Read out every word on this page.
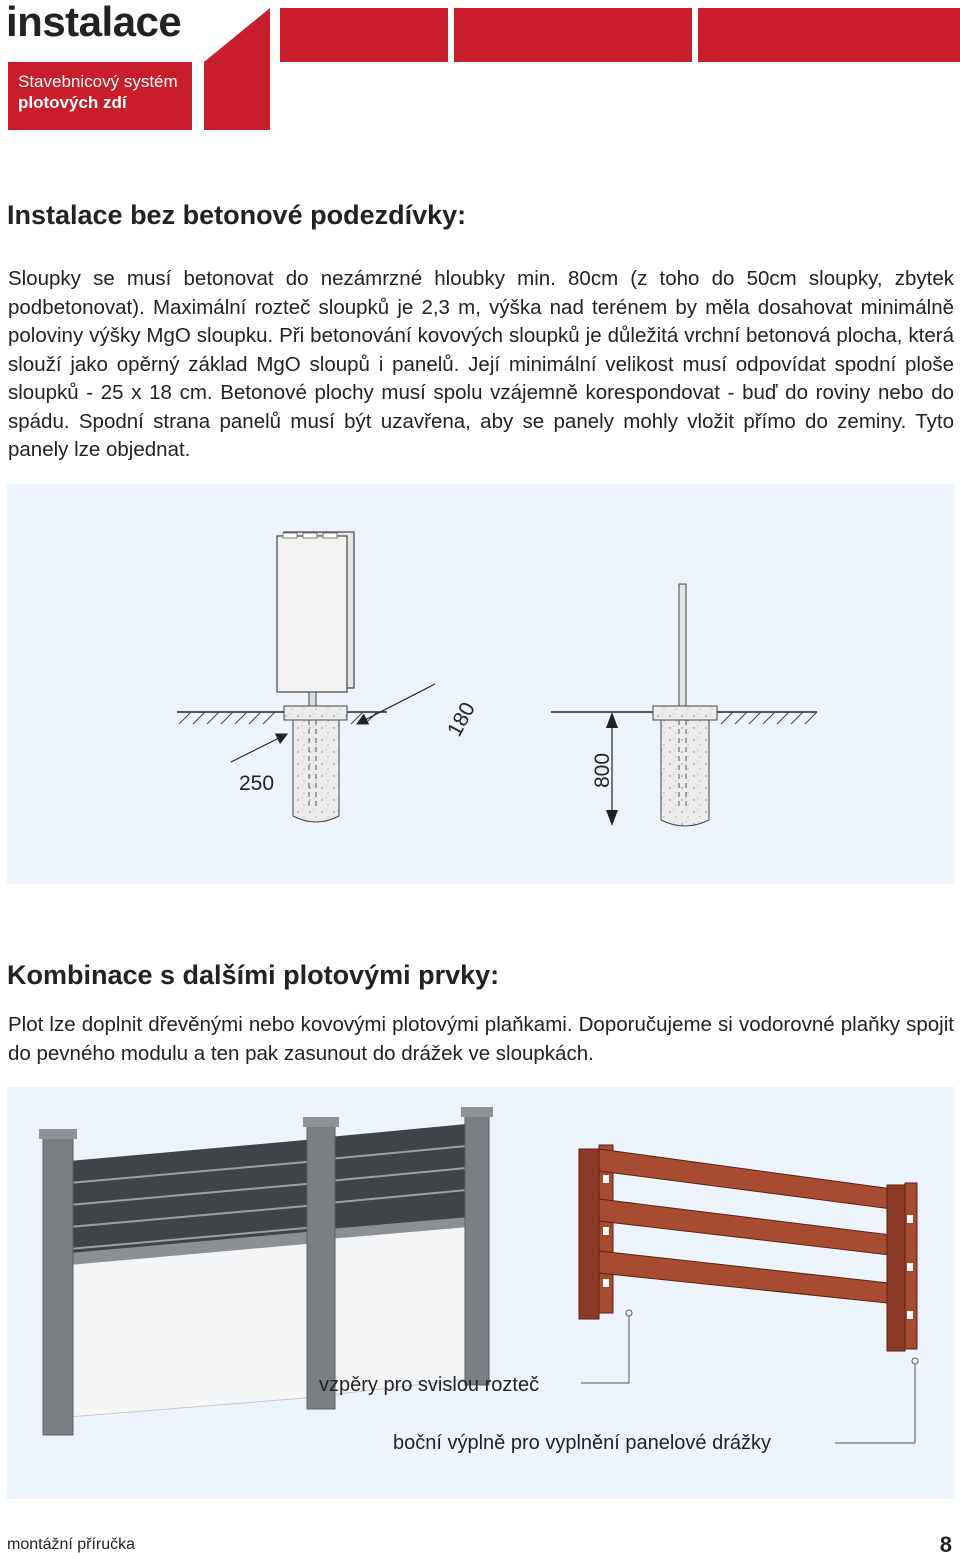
instalace
Stavebnicový systém
plotových zdí
Instalace bez betonové podezdívky:

Sloupky se musí betonovat do nezámrzné hloubky min. 80cm (z toho do 50cm sloupky, zbytek podbetonovat). Maximální rozteč sloupků je 2,3 m, výška nad terénem by měla dosahovat minimálně poloviny výšky MgO sloupku. Při betonování kovových sloupků je důležitá vrchní betonová plocha, která slouží jako opěrný základ MgO sloupů i panelů. Její minimální velikost musí odpovídat spodní ploše sloupků - 25 x 18 cm. Betonové plochy musí spolu vzájemně korespondovat - buď do roviny nebo do spádu. Spodní strana panelů musí být uzavřena, aby se panely mohly vložit přímo do zeminy. Tyto panely lze objednat.

250
180
800
Kombinace s dalšími plotovými prvky:

Plot lze doplnit dřevěnými nebo kovovými plotovými plaňkami. Doporučujeme si vodorovné plaňky spojit do pevného modulu a ten pak zasunout do drážek ve sloupkách.

vzpěry pro svislou rozteč
boční výplně pro vyplnění panelové drážky
montážní příručka	8
